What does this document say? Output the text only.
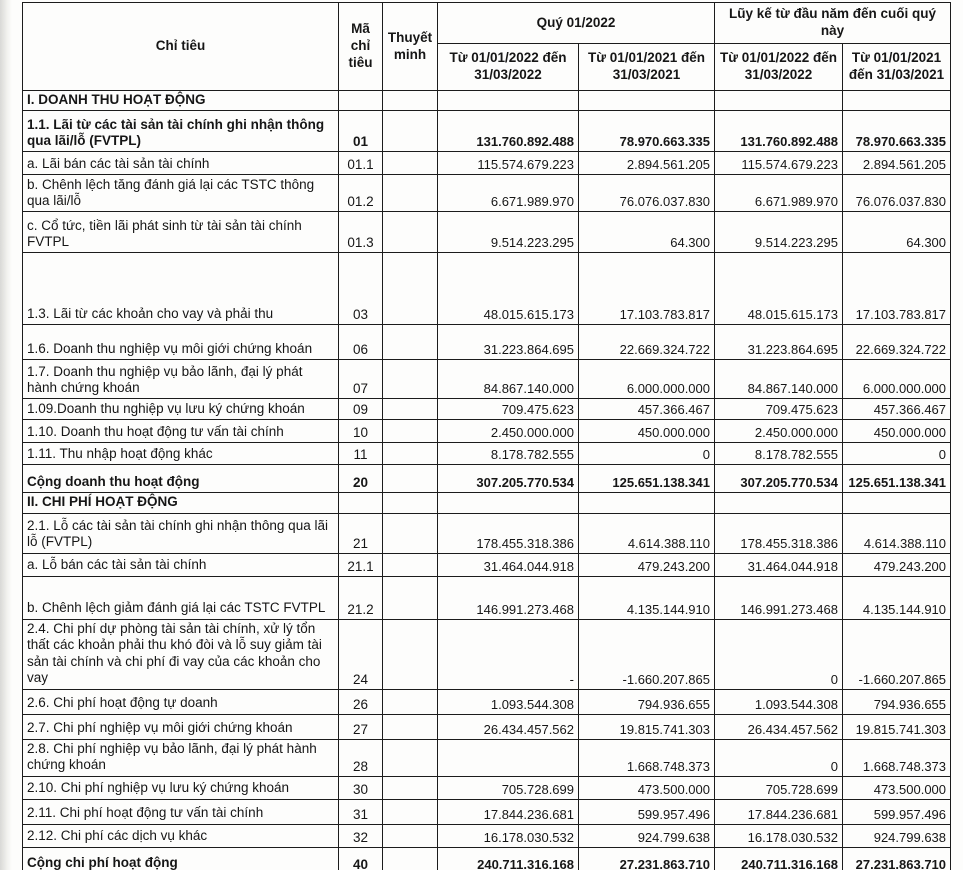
Chỉ tiêu	Mã chỉ tiêu	Thuyết minh	Quý 01/2022		Lũy kế từ đầu năm đến cuối quý này	
			Từ 01/01/2022 đến 31/03/2022	Từ 01/01/2021 đến 31/03/2021	Từ 01/01/2022 đến 31/03/2022	Từ 01/01/2021 đến 31/03/2021
I. DOANH THU HOẠT ĐỘNG						
1.1. Lãi từ các tài sản tài chính ghi nhận thông qua lãi/lỗ (FVTPL)	01		131.760.892.488	78.970.663.335	131.760.892.488	78.970.663.335
a. Lãi bán các tài sản tài chính	01.1		115.574.679.223	2.894.561.205	115.574.679.223	2.894.561.205
b. Chênh lệch tăng đánh giá lại các TSTC thông qua lãi/lỗ	01.2		6.671.989.970	76.076.037.830	6.671.989.970	76.076.037.830
c. Cổ tức, tiền lãi phát sinh từ tài sản tài chính FVTPL	01.3		9.514.223.295	64.300	9.514.223.295	64.300
1.3. Lãi từ các khoản cho vay và phải thu	03		48.015.615.173	17.103.783.817	48.015.615.173	17.103.783.817
1.6. Doanh thu nghiệp vụ môi giới chứng khoán	06		31.223.864.695	22.669.324.722	31.223.864.695	22.669.324.722
1.7. Doanh thu nghiệp vụ bảo lãnh, đại lý phát hành chứng khoán	07		84.867.140.000	6.000.000.000	84.867.140.000	6.000.000.000
1.09.Doanh thu nghiệp vụ lưu ký chứng khoán	09		709.475.623	457.366.467	709.475.623	457.366.467
1.10. Doanh thu hoạt động tư vấn tài chính	10		2.450.000.000	450.000.000	2.450.000.000	450.000.000
1.11. Thu nhập hoạt động khác	11		8.178.782.555	0	8.178.782.555	0
Cộng doanh thu hoạt động	20		307.205.770.534	125.651.138.341	307.205.770.534	125.651.138.341
II. CHI PHÍ HOẠT ĐỘNG						
2.1. Lỗ các tài sản tài chính ghi nhận thông qua lãi lỗ (FVTPL)	21		178.455.318.386	4.614.388.110	178.455.318.386	4.614.388.110
a. Lỗ bán các tài sản tài chính	21.1		31.464.044.918	479.243.200	31.464.044.918	479.243.200
b. Chênh lệch giảm đánh giá lại các TSTC FVTPL	21.2		146.991.273.468	4.135.144.910	146.991.273.468	4.135.144.910
2.4. Chi phí dự phòng tài sản tài chính, xử lý tổn thất các khoản phải thu khó đòi và lỗ suy giảm tài sản tài chính và chi phí đi vay của các khoản cho vay	24		-	-1.660.207.865	0	-1.660.207.865
2.6. Chi phí hoạt động tự doanh	26		1.093.544.308	794.936.655	1.093.544.308	794.936.655
2.7. Chi phí nghiệp vụ môi giới chứng khoán	27		26.434.457.562	19.815.741.303	26.434.457.562	19.815.741.303
2.8. Chi phí nghiệp vụ bảo lãnh, đại lý phát hành chứng khoán	28			1.668.748.373	0	1.668.748.373
2.10. Chi phí nghiệp vụ lưu ký chứng khoán	30		705.728.699	473.500.000	705.728.699	473.500.000
2.11. Chi phí hoạt động tư vấn tài chính	31		17.844.236.681	599.957.496	17.844.236.681	599.957.496
2.12. Chi phí các dịch vụ khác	32		16.178.030.532	924.799.638	16.178.030.532	924.799.638
Cộng chi phí hoạt động	40		240.711.316.168	27.231.863.710	240.711.316.168	27.231.863.710
